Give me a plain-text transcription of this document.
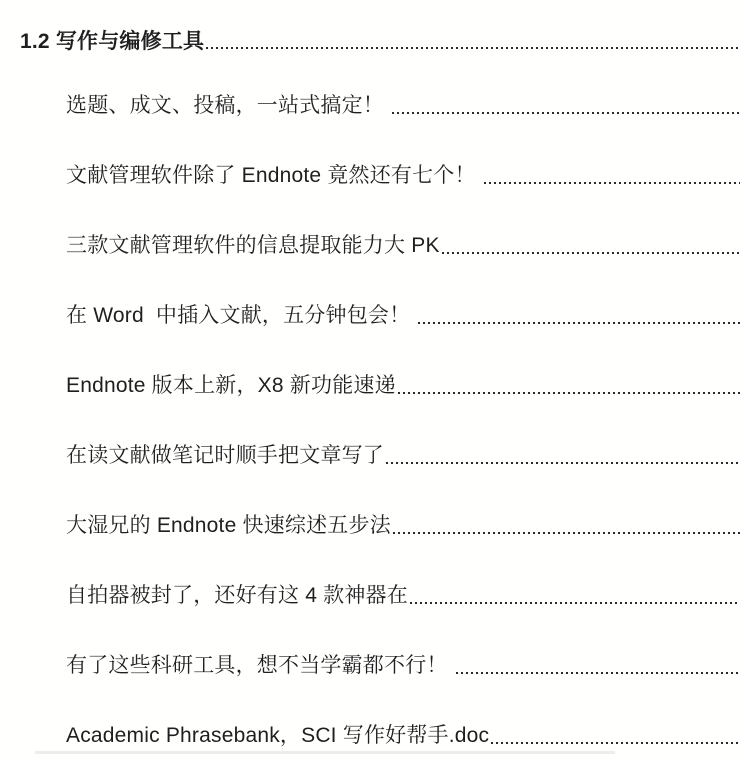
1.2 写作与编修工具
选题、成文、投稿，一站式搞定！
文献管理软件除了 Endnote 竟然还有七个！
三款文献管理软件的信息提取能力大 PK
在 Word  中插入文献，五分钟包会！
Endnote 版本上新，X8 新功能速递
在读文献做笔记时顺手把文章写了
大湿兄的 Endnote 快速综述五步法
自拍器被封了，还好有这 4 款神器在
有了这些科研工具，想不当学霸都不行！
Academic Phrasebank，SCI 写作好帮手.doc
